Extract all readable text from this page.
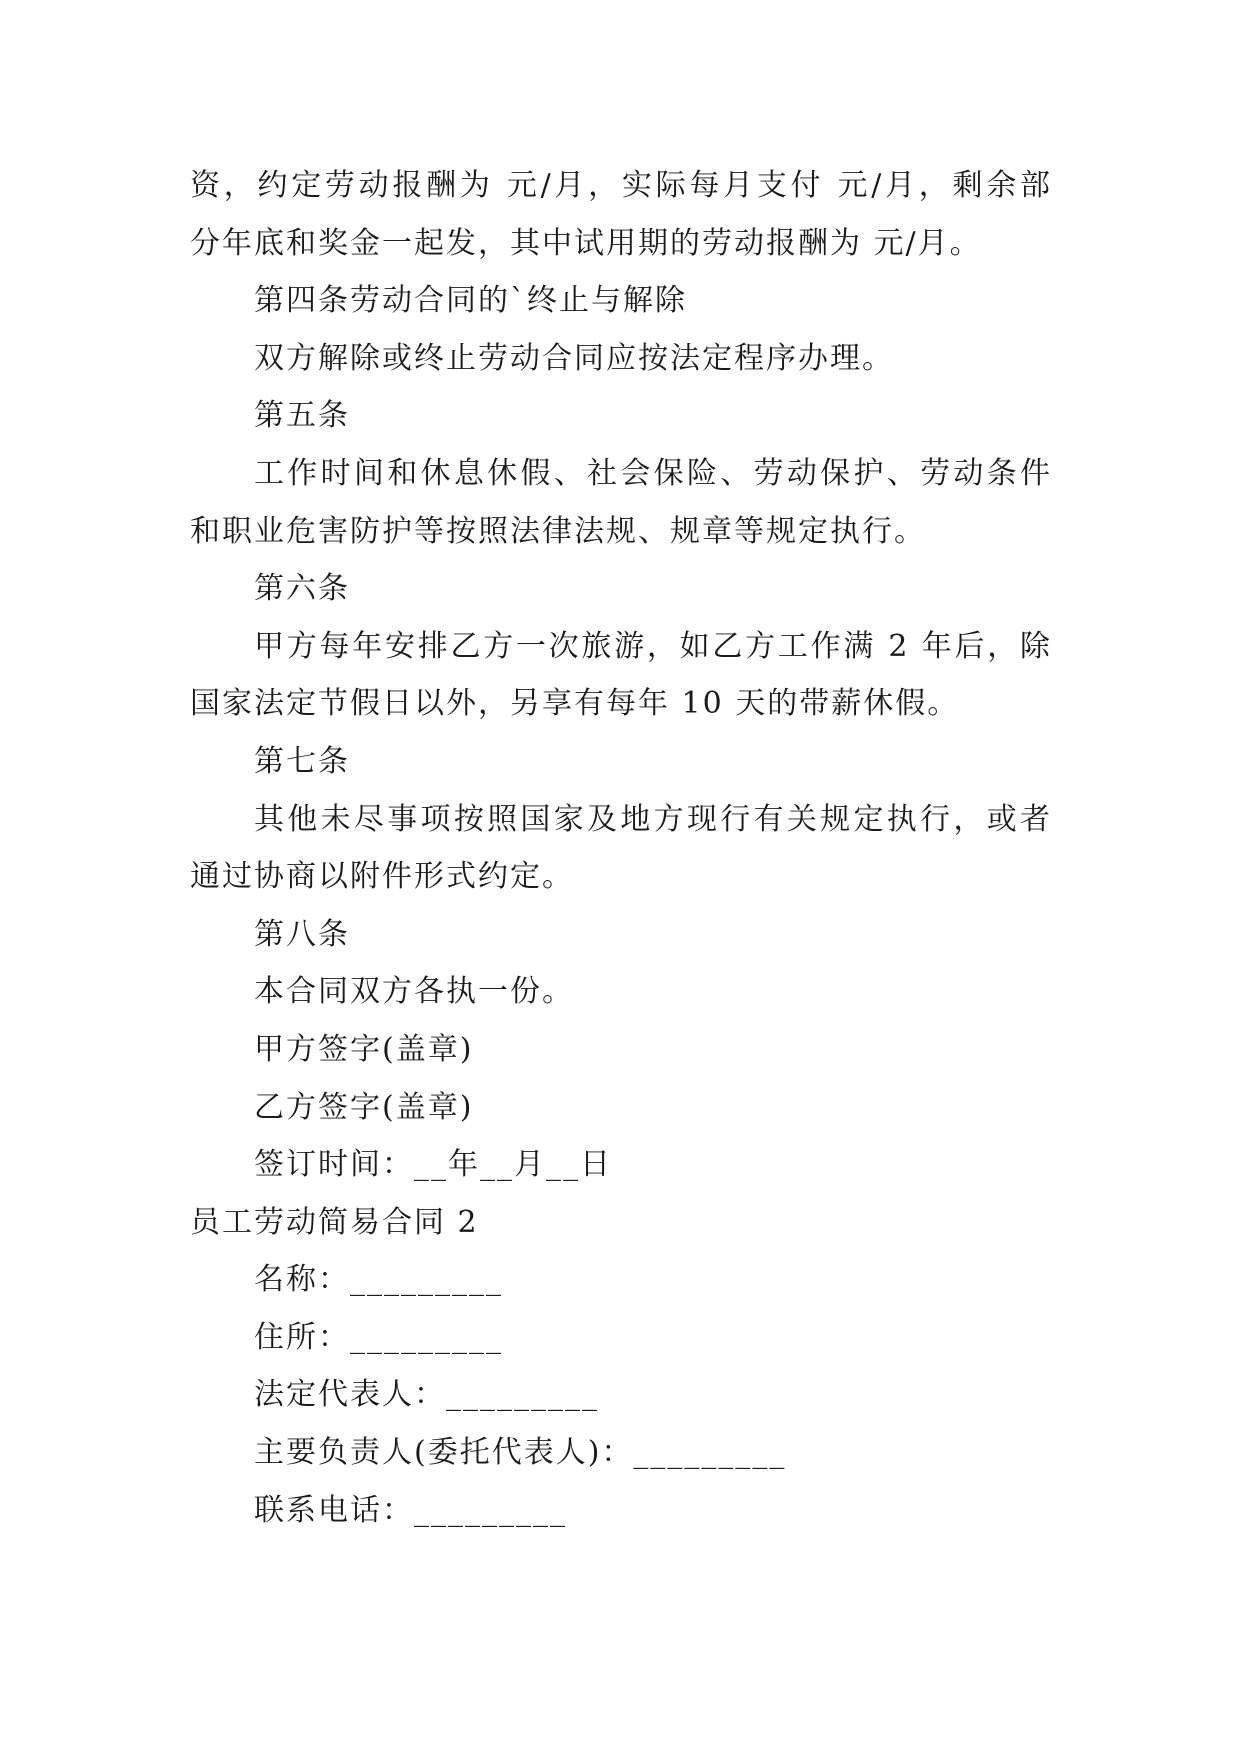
资，约定劳动报酬为 元/月，实际每月支付 元/月，剩余部

分年底和奖金一起发，其中试用期的劳动报酬为 元/月。

第四条劳动合同的`终止与解除

双方解除或终止劳动合同应按法定程序办理。

第五条

工作时间和休息休假、社会保险、劳动保护、劳动条件

和职业危害防护等按照法律法规、规章等规定执行。

第六条

甲方每年安排乙方一次旅游，如乙方工作满 2 年后，除

国家法定节假日以外，另享有每年 10 天的带薪休假。

第七条

其他未尽事项按照国家及地方现行有关规定执行，或者

通过协商以附件形式约定。

第八条

本合同双方各执一份。

甲方签字(盖章)

乙方签字(盖章)

签订时间：__年__月__日

员工劳动简易合同 2

名称：_________

住所：_________

法定代表人：_________

主要负责人(委托代表人)：_________

联系电话：_________
